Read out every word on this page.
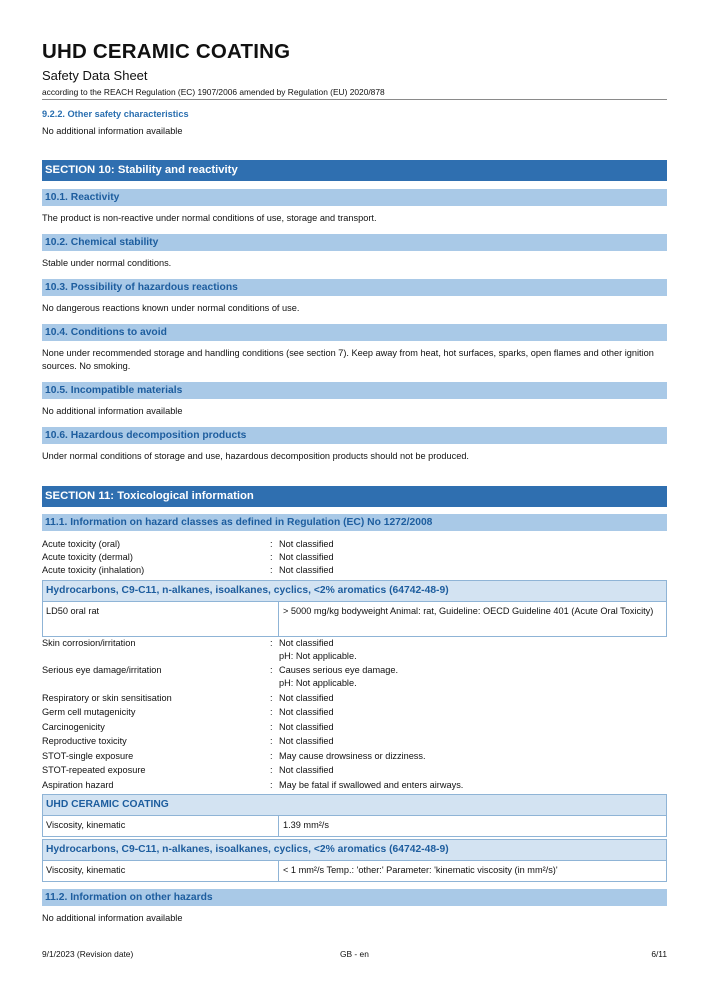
UHD CERAMIC COATING
Safety Data Sheet
according to the REACH Regulation (EC) 1907/2006 amended by Regulation (EU) 2020/878
9.2.2. Other safety characteristics
No additional information available
SECTION 10: Stability and reactivity
10.1. Reactivity
The product is non-reactive under normal conditions of use, storage and transport.
10.2. Chemical stability
Stable under normal conditions.
10.3. Possibility of hazardous reactions
No dangerous reactions known under normal conditions of use.
10.4. Conditions to avoid
None under recommended storage and handling conditions (see section 7). Keep away from heat, hot surfaces, sparks, open flames and other ignition sources. No smoking.
10.5. Incompatible materials
No additional information available
10.6. Hazardous decomposition products
Under normal conditions of storage and use, hazardous decomposition products should not be produced.
SECTION 11: Toxicological information
11.1. Information on hazard classes as defined in Regulation (EC) No 1272/2008
Acute toxicity (oral)	: Not classified
Acute toxicity (dermal)	: Not classified
Acute toxicity (inhalation)	: Not classified
Hydrocarbons, C9-C11, n-alkanes, isoalkanes, cyclics, <2% aromatics (64742-48-9)
LD50 oral rat	> 5000 mg/kg bodyweight Animal: rat, Guideline: OECD Guideline 401 (Acute Oral Toxicity)
Skin corrosion/irritation	: Not classified
pH: Not applicable.
Serious eye damage/irritation	: Causes serious eye damage.
pH: Not applicable.
Respiratory or skin sensitisation	: Not classified
Germ cell mutagenicity	: Not classified
Carcinogenicity	: Not classified
Reproductive toxicity	: Not classified
STOT-single exposure	: May cause drowsiness or dizziness.
STOT-repeated exposure	: Not classified
Aspiration hazard	: May be fatal if swallowed and enters airways.
UHD CERAMIC COATING
Viscosity, kinematic	1.39 mm²/s
Hydrocarbons, C9-C11, n-alkanes, isoalkanes, cyclics, <2% aromatics (64742-48-9)
Viscosity, kinematic	< 1 mm²/s Temp.: 'other:' Parameter: 'kinematic viscosity (in mm²/s)'
11.2. Information on other hazards
No additional information available
9/1/2023 (Revision date)	GB - en	6/11
